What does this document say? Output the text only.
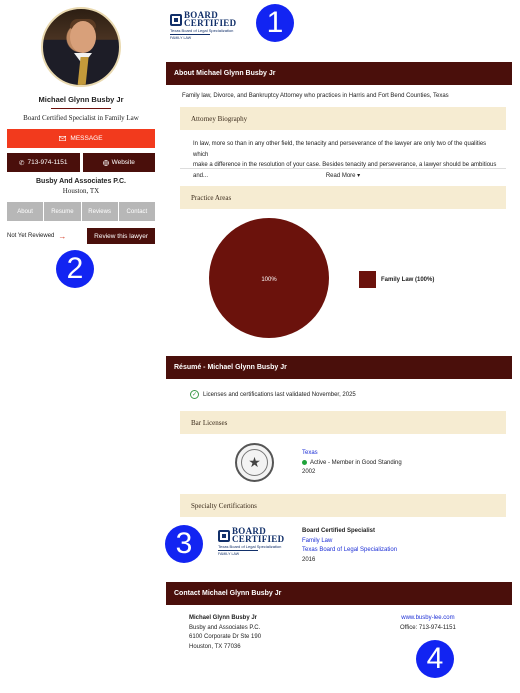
Michael Glynn Busby Jr
Board Certified Specialist in Family Law
MESSAGE
✆ 713-974-1151	Website
Busby And Associates P.C.
Houston, TX
About	Resume	Reviews	Contact
Not Yet Reviewed →	Review this lawyer
1
2
3
4
BOARD
CERTIFIED
Texas Board of Legal Specialization
FAMILY LAW
About Michael Glynn Busby Jr
Family law, Divorce, and Bankruptcy Attorney who practices in Harris and Fort Bend Counties, Texas
Attorney Biography
In law, more so than in any other field, the tenacity and perseverance of the lawyer are only two of the qualities which
make a difference in the resolution of your case. Besides tenacity and perseverance, a lawyer should be ambitious and...	Read More ▾
Practice Areas
100%	Family Law (100%)
Résumé - Michael Glynn Busby Jr
✓ Licenses and certifications last validated November, 2025
Bar Licenses
★
Texas
Active - Member in Good Standing
2002
Specialty Certifications
BOARD
CERTIFIED
Texas Board of Legal Specialization
FAMILY LAW
Board Certified Specialist
Family Law
Texas Board of Legal Specialization
2016
Contact Michael Glynn Busby Jr
Michael Glynn Busby Jr
Busby and Associates P.C.
6100 Corporate Dr Ste 190
Houston, TX 77036
www.busby-lee.com
Office: 713-974-1151
